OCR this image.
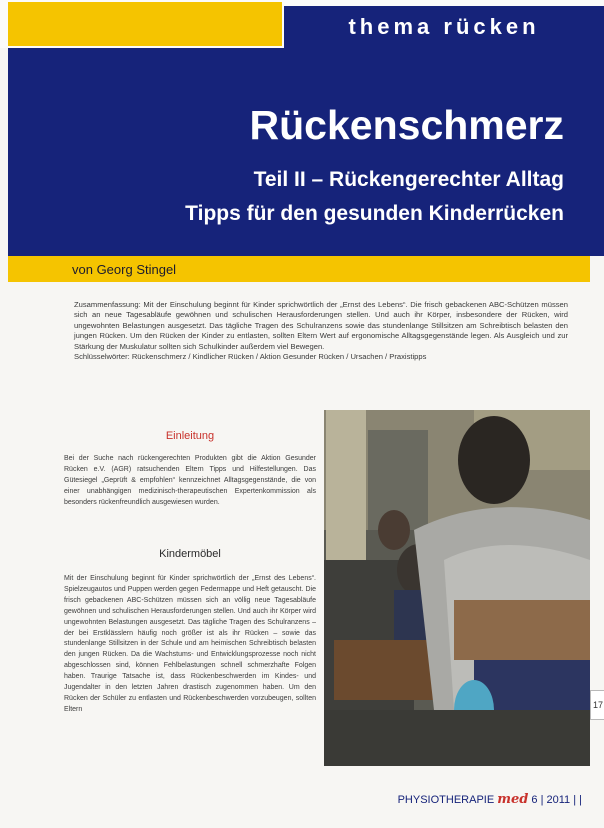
thema rücken
Rückenschmerz
Teil II – Rückengerechter Alltag
Tipps für den gesunden Kinderrücken
von Georg Stingel

Zusammenfassung: Mit der Einschulung beginnt für Kinder sprichwörtlich der „Ernst des Lebens“. Die frisch gebackenen ABC-Schützen müssen sich an neue Tagesabläufe gewöhnen und schulischen Herausforderungen stellen. Und auch ihr Körper, insbesondere der Rücken, wird ungewohnten Belastungen ausgesetzt. Das tägliche Tragen des Schulranzens sowie das stundenlange Stillsitzen am Schreibtisch belasten den jungen Rücken. Um den Rücken der Kinder zu entlasten, sollten Eltern Wert auf ergonomische Alltagsgegenstände legen. Als Ausgleich und zur Stärkung der Muskulatur sollten sich Schulkinder außerdem viel Bewegen.

Schlüsselwörter: Rückenschmerz / Kindlicher Rücken / Aktion Gesunder Rücken / Ursachen / Praxistipps

Einleitung
Bei der Suche nach rückengerechten Produkten gibt die Aktion Gesunder Rücken e.V. (AGR) ratsuchenden Eltern Tipps und Hilfestellungen. Das Gütesiegel „Geprüft & empfohlen“ kennzeichnet Alltagsgegenstände, die von einer unabhängigen medizinisch-therapeutischen Expertenkommission als besonders rückenfreundlich ausgewiesen wurden.
Kindermöbel
Mit der Einschulung beginnt für Kinder sprichwörtlich der „Ernst des Lebens“. Spielzeugautos und Puppen werden gegen Federmappe und Heft getauscht. Die frisch gebackenen ABC-Schützen müssen sich an völlig neue Tagesabläufe gewöhnen und schulischen Herausforderungen stellen. Und auch ihr Körper wird ungewohnten Belastungen ausgesetzt. Das tägliche Tragen des Schulranzens – der bei Erstklässlern häufig noch größer ist als ihr Rücken – sowie das stundenlange Stillsitzen in der Schule und am heimischen Schreibtisch belasten den jungen Rücken. Da die Wachstums- und Entwicklungsprozesse noch nicht abgeschlossen sind, können Fehlbelastungen schnell schmerzhafte Folgen haben. Traurige Tatsache ist, dass Rückenbeschwerden im Kindes- und Jugendalter in den letzten Jahren drastisch zugenommen haben. Um den Rücken der Schüler zu entlasten und Rückenbeschwerden vorzubeugen, sollten Eltern	17
PHYSIOTHERAPIE med 6 | 2011 | |
